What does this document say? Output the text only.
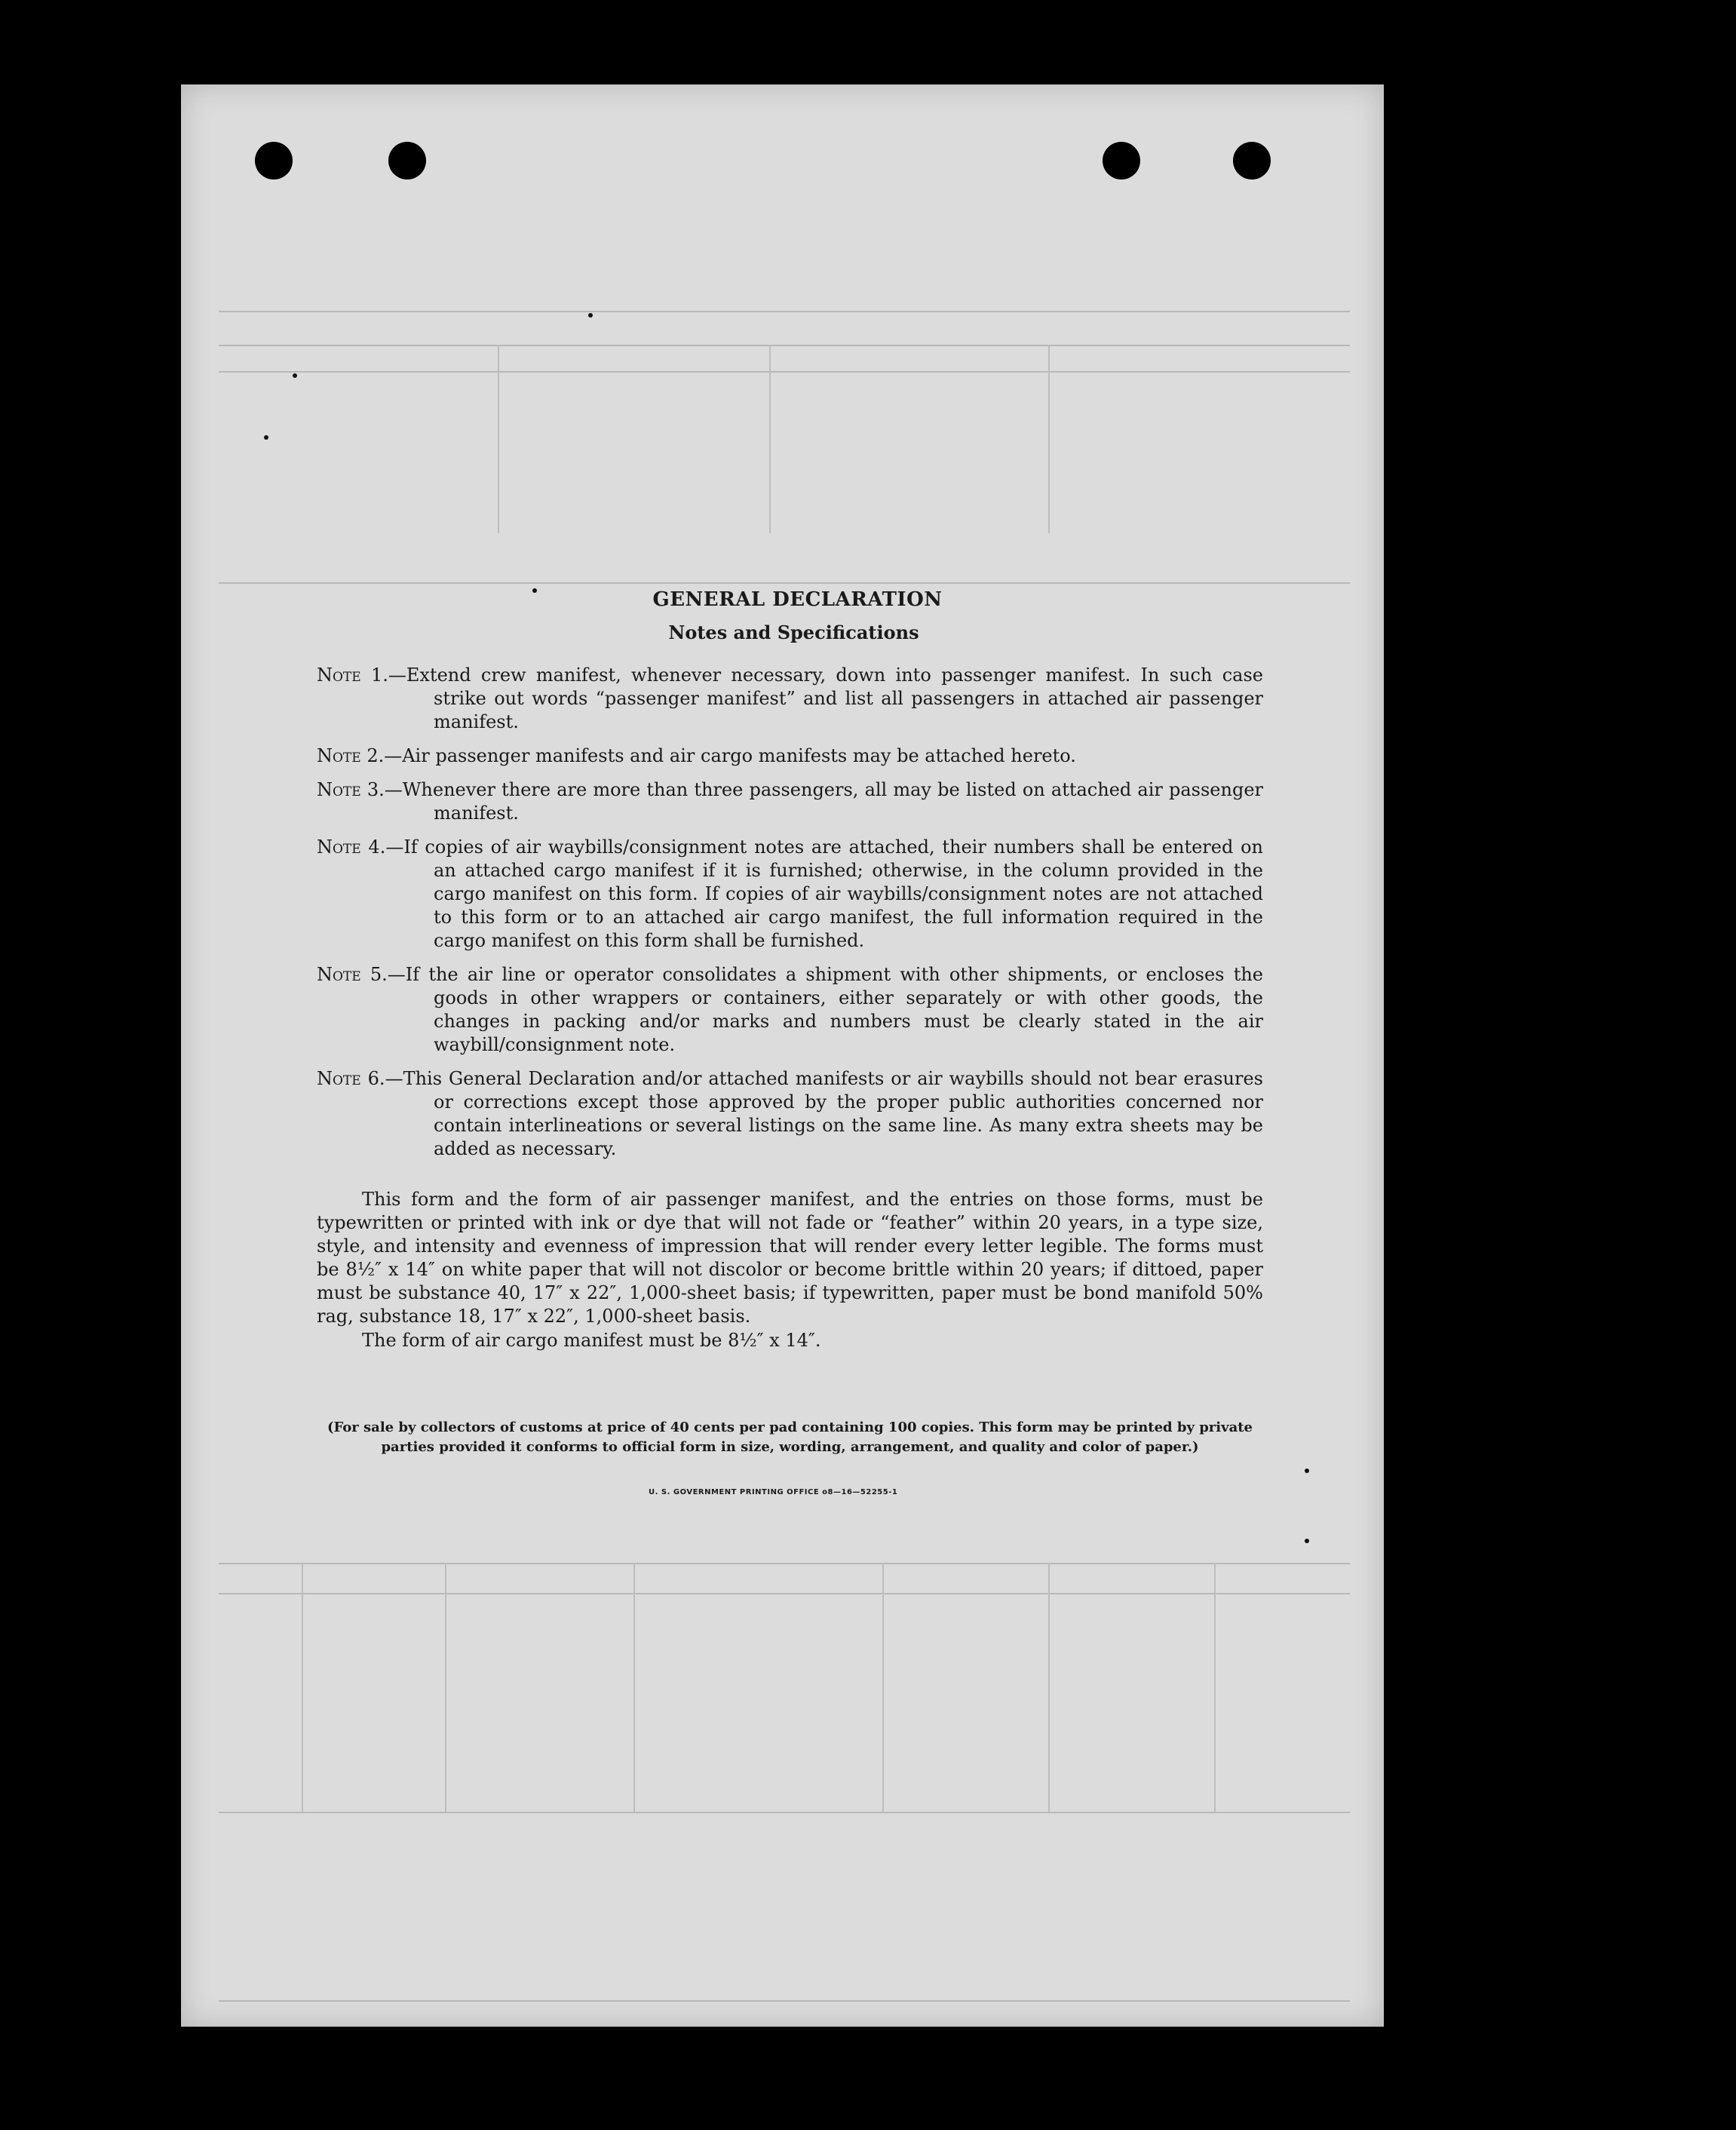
GENERAL DECLARATION
Notes and Specifications
Note 1.—Extend crew manifest, whenever necessary, down into passenger manifest. In such case strike out words “passenger manifest” and list all passengers in attached air passenger manifest.
Note 2.—Air passenger manifests and air cargo manifests may be attached hereto.
Note 3.—Whenever there are more than three passengers, all may be listed on attached air passenger manifest.
Note 4.—If copies of air waybills/consignment notes are attached, their numbers shall be entered on an attached cargo manifest if it is furnished; otherwise, in the column provided in the cargo manifest on this form. If copies of air waybills/consignment notes are not attached to this form or to an attached air cargo manifest, the full information required in the cargo manifest on this form shall be furnished.
Note 5.—If the air line or operator consolidates a shipment with other shipments, or encloses the goods in other wrappers or containers, either separately or with other goods, the changes in packing and/or marks and numbers must be clearly stated in the air waybill/consignment note.
Note 6.—This General Declaration and/or attached manifests or air waybills should not bear erasures or corrections except those approved by the proper public authorities concerned nor contain interlineations or several listings on the same line. As many extra sheets may be added as necessary.
This form and the form of air passenger manifest, and the entries on those forms, must be typewritten or printed with ink or dye that will not fade or “feather” within 20 years, in a type size, style, and intensity and evenness of impression that will render every letter legible. The forms must be 8½″ x 14″ on white paper that will not discolor or become brittle within 20 years; if dittoed, paper must be substance 40, 17″ x 22″, 1,000-sheet basis; if typewritten, paper must be bond manifold 50% rag, substance 18, 17″ x 22″, 1,000-sheet basis.
The form of air cargo manifest must be 8½″ x 14″.
(For sale by collectors of customs at price of 40 cents per pad containing 100 copies. This form may be printed by private parties provided it conforms to official form in size, wording, arrangement, and quality and color of paper.)
U. S. GOVERNMENT PRINTING OFFICE o8—16—52255-1
